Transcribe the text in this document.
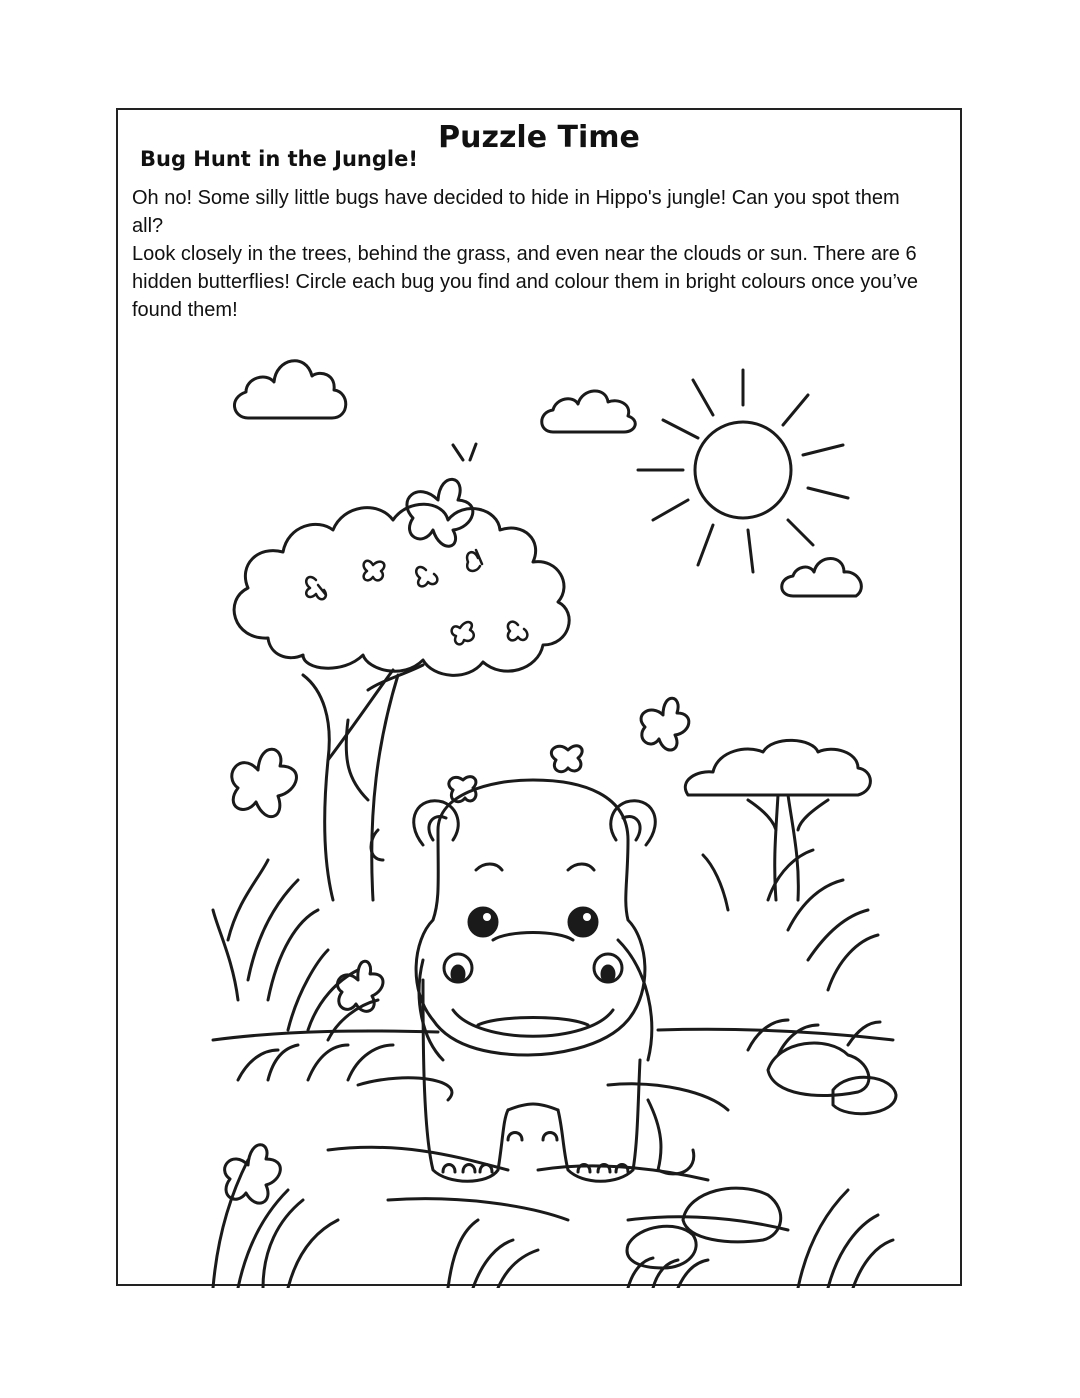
Puzzle Time
Bug Hunt in the Jungle!

Oh no! Some silly little bugs have decided to hide in Hippo's jungle! Can you spot them all?

Look closely in the trees, behind the grass, and even near the clouds or sun. There are 6 hidden butterflies! Circle each bug you find and colour them in bright colours once you’ve found them!
